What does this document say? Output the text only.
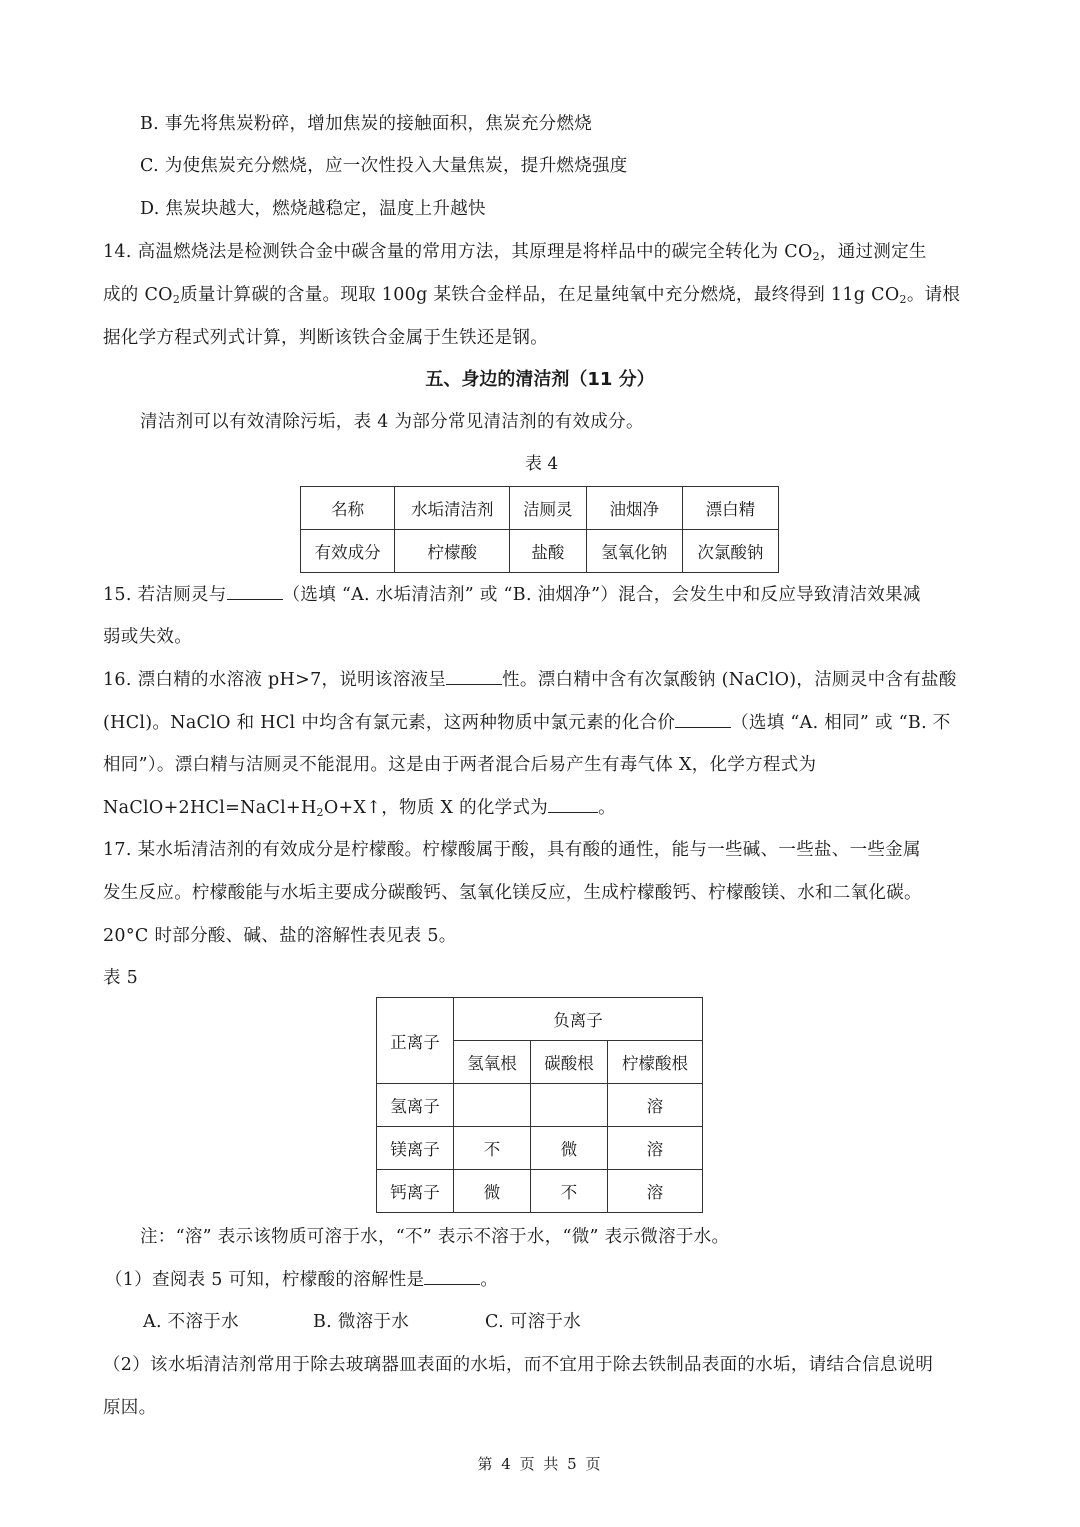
B. 事先将焦炭粉碎，增加焦炭的接触面积，焦炭充分燃烧
C. 为使焦炭充分燃烧，应一次性投入大量焦炭，提升燃烧强度
D. 焦炭块越大，燃烧越稳定，温度上升越快
14. 高温燃烧法是检测铁合金中碳含量的常用方法，其原理是将样品中的碳完全转化为 $CO_2$，通过测定生
成的 $CO_2$质量计算碳的含量。现取 100g 某铁合金样品，在足量纯氧中充分燃烧，最终得到 11g $CO_2$。请根
据化学方程式列式计算，判断该铁合金属于生铁还是钢。
五、身边的清洁剂（11 分）
清洁剂可以有效清除污垢，表 4 为部分常见清洁剂的有效成分。
表 4
名称	水垢清洁剂	洁厕灵	油烟净	漂白精
有效成分	柠檬酸	盐酸	氢氧化钠	次氯酸钠
15. 若洁厕灵与	（选填 “A. 水垢清洁剂” 或 “B. 油烟净”）混合，会发生中和反应导致清洁效果减
弱或失效。
16. 漂白精的水溶液 pH>7，说明该溶液呈	性。漂白精中含有次氯酸钠 (NaClO)，洁厕灵中含有盐酸
(HCl)。NaClO 和 HCl 中均含有氯元素，这两种物质中氯元素的化合价	（选填 “A. 相同” 或 “B. 不
相同”）。漂白精与洁厕灵不能混用。这是由于两者混合后易产生有毒气体 X，化学方程式为
$NaClO+2HCl=NaCl+H_2O+X↑$，物质 X 的化学式为	。
17. 某水垢清洁剂的有效成分是柠檬酸。柠檬酸属于酸，具有酸的通性，能与一些碱、一些盐、一些金属
发生反应。柠檬酸能与水垢主要成分碳酸钙、氢氧化镁反应，生成柠檬酸钙、柠檬酸镁、水和二氧化碳。
20°C 时部分酸、碱、盐的溶解性表见表 5。
表 5
正离子	负离子		
	氢氧根	碳酸根	柠檬酸根
氢离子			溶
镁离子	不	微	溶
钙离子	微	不	溶
注：“溶” 表示该物质可溶于水，“不” 表示不溶于水，“微” 表示微溶于水。
（1）查阅表 5 可知，柠檬酸的溶解性是	。
A. 不溶于水	B. 微溶于水	C. 可溶于水
（2）该水垢清洁剂常用于除去玻璃器皿表面的水垢，而不宜用于除去铁制品表面的水垢，请结合信息说明
原因。
第 4 页 共 5 页
